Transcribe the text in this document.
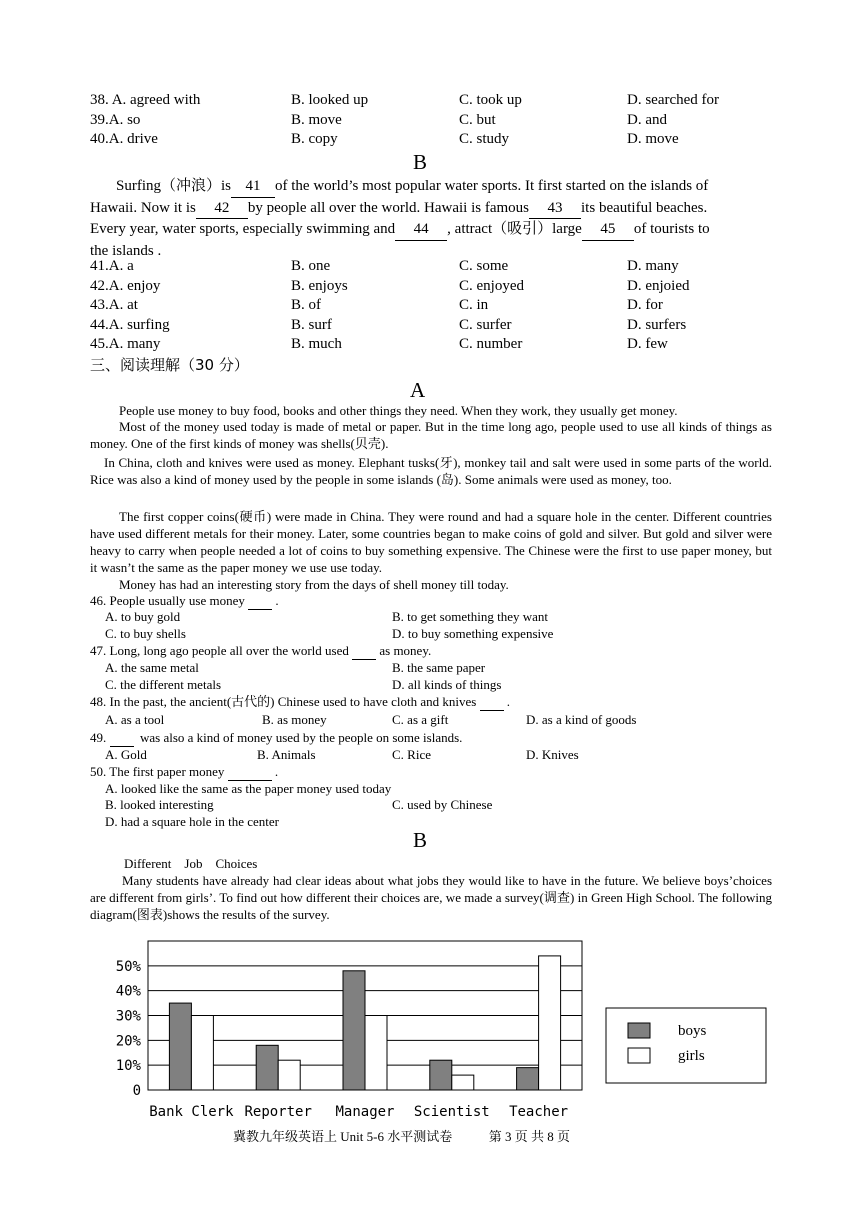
38. A. agreed with	B. looked up	C. took up	D. searched for
39.A. so	B. move	C. but	D. and
40.A. drive	B. copy	C. study	D. move
B
Surfing（冲浪）is 41 of the world’s most popular water sports. It first started on the islands of
Hawaii. Now it is 42 by people all over the world. Hawaii is famous 43 its beautiful beaches.
Every year, water sports, especially swimming and 44 , attract（吸引）large 45 of tourists to
the islands .
41.A. a	B. one	C. some	D. many
42.A. enjoy	B. enjoys	C. enjoyed	D. enjoied
43.A. at	B. of	C. in	D. for
44.A. surfing	B. surf	C. surfer	D. surfers
45.A. many	B. much	C. number	D. few
三、阅读理解（30 分）
A
People use money to buy food, books and other things they need. When they work, they usually get money.
Most of the money used today is made of metal or paper. But in the time long ago, people used to use all kinds of things as money. One of the first kinds of money was shells(贝壳).
In China, cloth and knives were used as money. Elephant tusks(牙), monkey tail and salt were used in some parts of the world. Rice was also a kind of money used by the people in some islands (岛). Some animals were used as money, too.
The first copper coins(硬币) were made in China. They were round and had a square hole in the center. Different countries have used different metals for their money. Later, some countries began to make coins of gold and silver. But gold and silver were heavy to carry when people needed a lot of coins to buy something expensive. The Chinese were the first to use paper money, but it wasn’t the same as the paper money we use use today.
Money has had an interesting story from the days of shell money till today.
46. People usually use money .
A. to buy gold	B. to get something they want
C. to buy shells	D. to buy something expensive
47. Long, long ago people all over the world used as money.
A. the same metal	B. the same paper
C. the different metals	D. all kinds of things
48. In the past, the ancient(古代的) Chinese used to have cloth and knives .
A. as a tool	B. as money	C. as a gift	D. as a kind of goods
49.	was also a kind of money used by the people on some islands.
A. Gold	B. Animals	C. Rice	D. Knives
50. The first paper money	.
A. looked like the same as the paper money used today
B. looked interesting	C. used by Chinese
D. had a square hole in the center
B
Different    Job    Choices
Many students have already had clear ideas about what jobs they would like to have in the future. We believe boys’choices are different from girls’. To find out how different their choices are, we made a survey(调查) in Green High School. The following diagram(图表)shows the results of the survey.
0
10%
20%
30%
40%
50%
Bank Clerk Reporter Manager Scientist Teacher
boys
girls
冀教九年级英语上 Unit 5-6 水平测试卷	第 3 页 共 8 页
